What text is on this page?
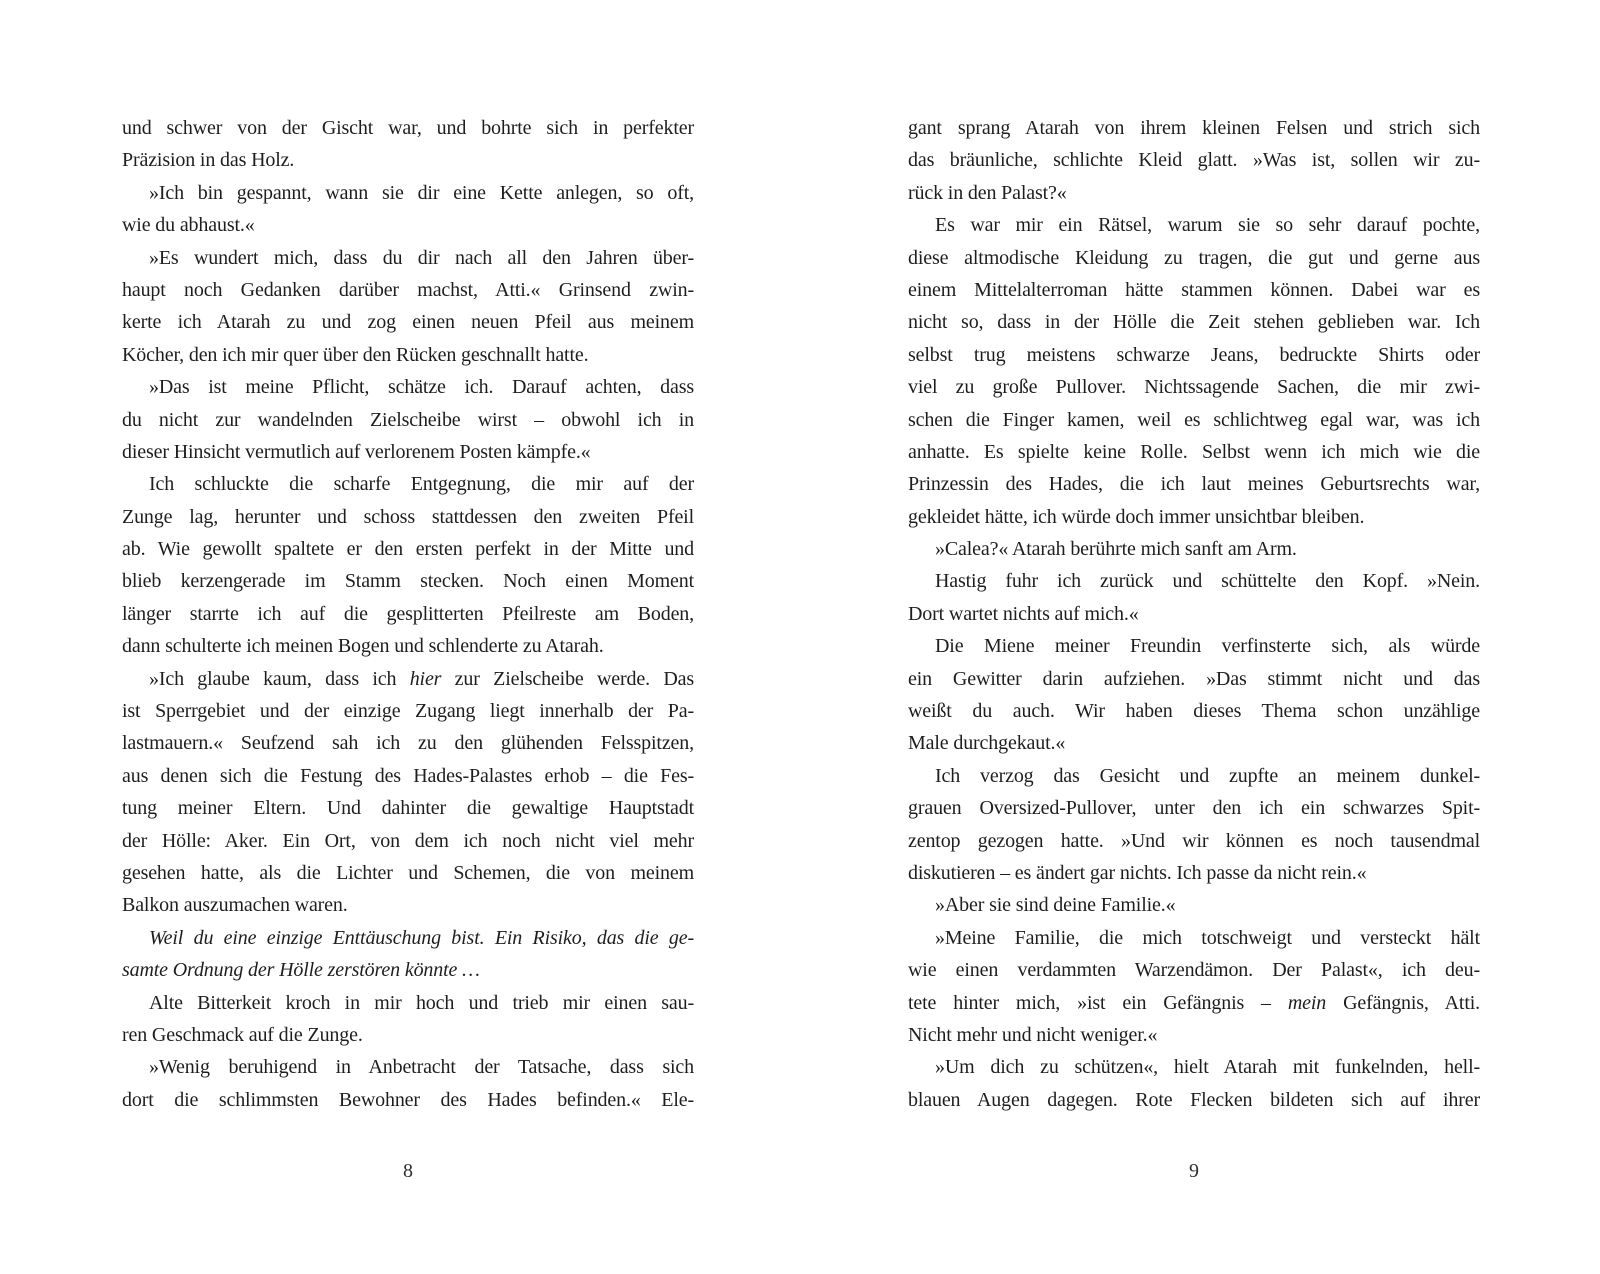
und schwer von der Gischt war, und bohrte sich in perfekter
Präzision in das Holz.
»Ich bin gespannt, wann sie dir eine Kette anlegen, so oft,
wie du abhaust.«
»Es wundert mich, dass du dir nach all den Jahren über-
haupt noch Gedanken darüber machst, Atti.« Grinsend zwin-
kerte ich Atarah zu und zog einen neuen Pfeil aus meinem
Köcher, den ich mir quer über den Rücken geschnallt hatte.
»Das ist meine Pflicht, schätze ich. Darauf achten, dass
du nicht zur wandelnden Zielscheibe wirst – obwohl ich in
dieser Hinsicht vermutlich auf verlorenem Posten kämpfe.«
Ich schluckte die scharfe Entgegnung, die mir auf der
Zunge lag, herunter und schoss stattdessen den zweiten Pfeil
ab. Wie gewollt spaltete er den ersten perfekt in der Mitte und
blieb kerzengerade im Stamm stecken. Noch einen Moment
länger starrte ich auf die gesplitterten Pfeilreste am Boden,
dann schulterte ich meinen Bogen und schlenderte zu Atarah.
»Ich glaube kaum, dass ich hier zur Zielscheibe werde. Das
ist Sperrgebiet und der einzige Zugang liegt innerhalb der Pa-
lastmauern.« Seufzend sah ich zu den glühenden Felsspitzen,
aus denen sich die Festung des Hades-Palastes erhob – die Fes-
tung meiner Eltern. Und dahinter die gewaltige Hauptstadt
der Hölle: Aker. Ein Ort, von dem ich noch nicht viel mehr
gesehen hatte, als die Lichter und Schemen, die von meinem
Balkon auszumachen waren.
Weil du eine einzige Enttäuschung bist. Ein Risiko, das die ge-
samte Ordnung der Hölle zerstören könnte …
Alte Bitterkeit kroch in mir hoch und trieb mir einen sau-
ren Geschmack auf die Zunge.
»Wenig beruhigend in Anbetracht der Tatsache, dass sich
dort die schlimmsten Bewohner des Hades befinden.« Ele-
gant sprang Atarah von ihrem kleinen Felsen und strich sich
das bräunliche, schlichte Kleid glatt. »Was ist, sollen wir zu-
rück in den Palast?«
Es war mir ein Rätsel, warum sie so sehr darauf pochte,
diese altmodische Kleidung zu tragen, die gut und gerne aus
einem Mittelalterroman hätte stammen können. Dabei war es
nicht so, dass in der Hölle die Zeit stehen geblieben war. Ich
selbst trug meistens schwarze Jeans, bedruckte Shirts oder
viel zu große Pullover. Nichtssagende Sachen, die mir zwi-
schen die Finger kamen, weil es schlichtweg egal war, was ich
anhatte. Es spielte keine Rolle. Selbst wenn ich mich wie die
Prinzessin des Hades, die ich laut meines Geburtsrechts war,
gekleidet hätte, ich würde doch immer unsichtbar bleiben.
»Calea?« Atarah berührte mich sanft am Arm.
Hastig fuhr ich zurück und schüttelte den Kopf. »Nein.
Dort wartet nichts auf mich.«
Die Miene meiner Freundin verfinsterte sich, als würde
ein Gewitter darin aufziehen. »Das stimmt nicht und das
weißt du auch. Wir haben dieses Thema schon unzählige
Male durchgekaut.«
Ich verzog das Gesicht und zupfte an meinem dunkel-
grauen Oversized-Pullover, unter den ich ein schwarzes Spit-
zentop gezogen hatte. »Und wir können es noch tausendmal
diskutieren – es ändert gar nichts. Ich passe da nicht rein.«
»Aber sie sind deine Familie.«
»Meine Familie, die mich totschweigt und versteckt hält
wie einen verdammten Warzendämon. Der Palast«, ich deu-
tete hinter mich, »ist ein Gefängnis – mein Gefängnis, Atti.
Nicht mehr und nicht weniger.«
»Um dich zu schützen«, hielt Atarah mit funkelnden, hell-
blauen Augen dagegen. Rote Flecken bildeten sich auf ihrer
8	9
